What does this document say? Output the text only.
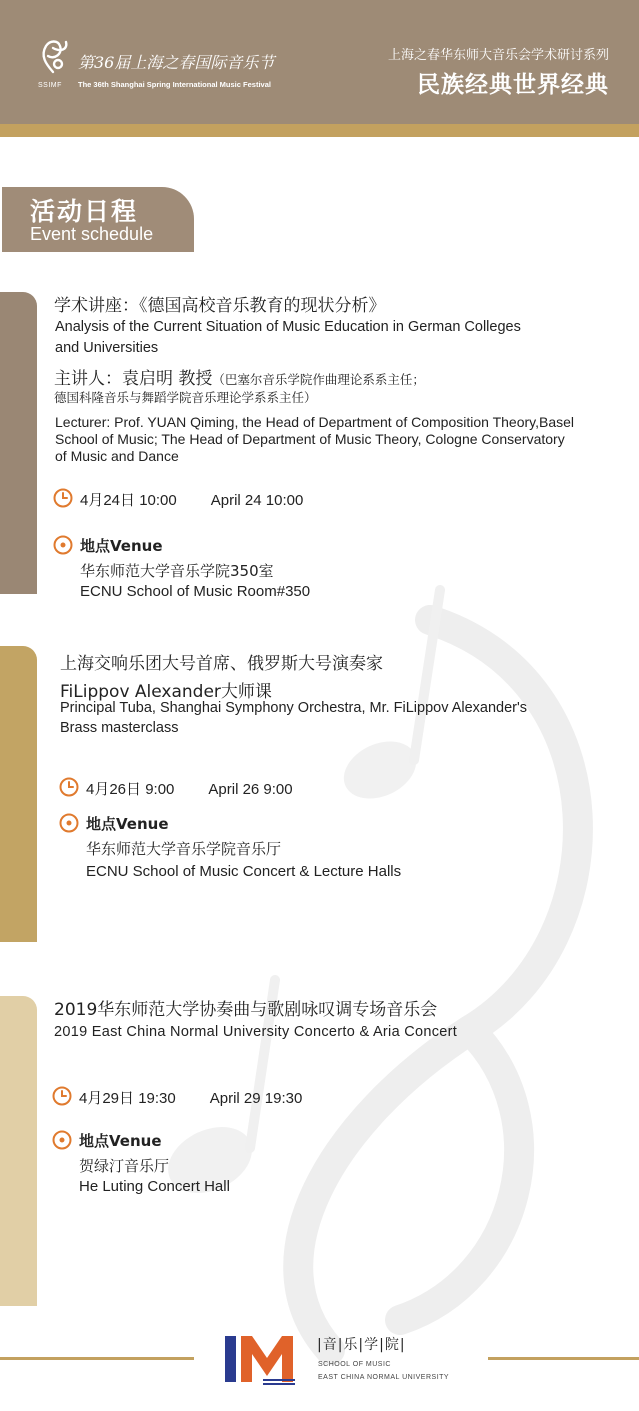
SSIMF
第36届上海之春国际音乐节
The 36th Shanghai Spring International Music Festival
上海之春华东师大音乐会学术研讨系列
民族经典世界经典
活动日程
Event schedule
学术讲座：《德国高校音乐教育的现状分析》
Analysis of the Current Situation of Music Education in German Colleges
and Universities
主讲人：袁启明 教授（巴塞尔音乐学院作曲理论系系主任；
德国科隆音乐与舞蹈学院音乐理论学系系主任）
Lecturer: Prof. YUAN Qiming, the Head of Department of Composition Theory,Basel
School of Music; The Head of Department of Music Theory, Cologne Conservatory
of Music and Dance
4月24日 10:00 April 24 10:00
地点Venue
华东师范大学音乐学院350室
ECNU School of Music Room#350
上海交响乐团大号首席、俄罗斯大号演奏家
FiLippov Alexander大师课
Principal Tuba, Shanghai Symphony Orchestra, Mr. FiLippov Alexander's
Brass masterclass
4月26日 9:00 April 26 9:00
地点Venue
华东师范大学音乐学院音乐厅
ECNU School of Music Concert & Lecture Halls
2019华东师范大学协奏曲与歌剧咏叹调专场音乐会
2019 East China Normal University Concerto & Aria Concert
4月29日 19:30 April 29 19:30
地点Venue
贺绿汀音乐厅
He Luting Concert Hall
|音|乐|学|院|
SCHOOL OF MUSIC
EAST CHINA NORMAL UNIVERSITY
